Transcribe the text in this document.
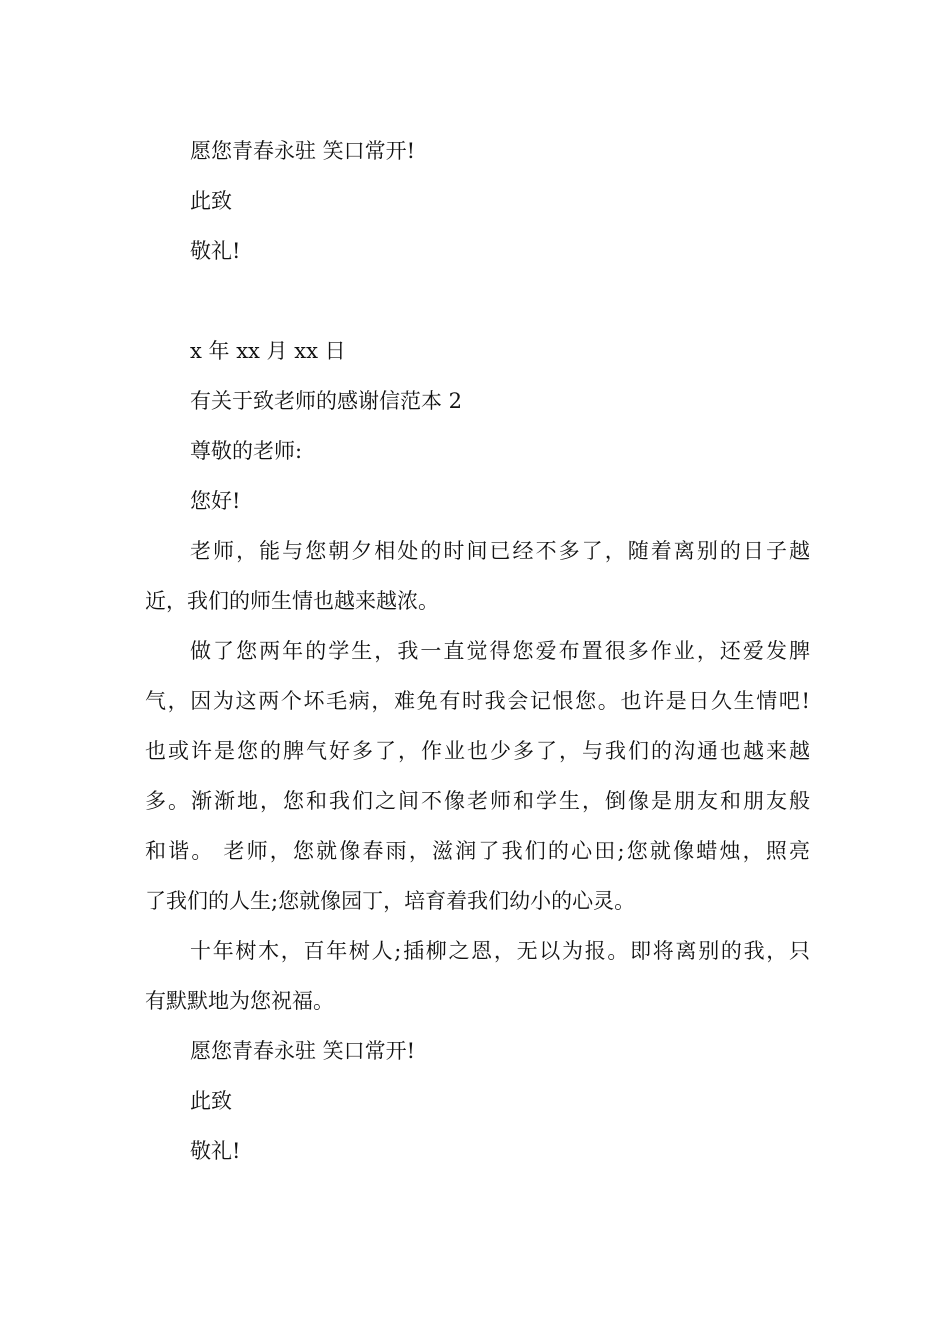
愿您青春永驻 笑口常开!
此致
敬礼!
x 年 xx 月 xx 日
有关于致老师的感谢信范本 2
尊敬的老师:
您好!
老师，能与您朝夕相处的时间已经不多了，随着离别的日子越
近，我们的师生情也越来越浓。
做了您两年的学生，我一直觉得您爱布置很多作业，还爱发脾
气，因为这两个坏毛病，难免有时我会记恨您。也许是日久生情吧!
也或许是您的脾气好多了，作业也少多了，与我们的沟通也越来越
多。渐渐地，您和我们之间不像老师和学生，倒像是朋友和朋友般
和谐。 老师，您就像春雨，滋润了我们的心田;您就像蜡烛，照亮
了我们的人生;您就像园丁，培育着我们幼小的心灵。
十年树木，百年树人;插柳之恩，无以为报。即将离别的我，只
有默默地为您祝福。
愿您青春永驻 笑口常开!
此致
敬礼!
